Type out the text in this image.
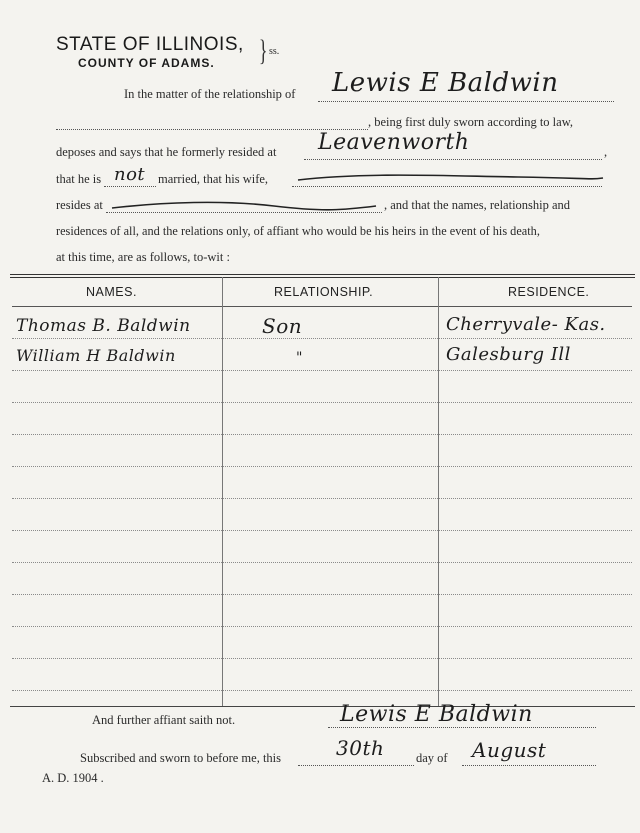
STATE OF ILLINOIS,
COUNTY OF ADAMS. } ss.
In the matter of the relationship of Lewis E Baldwin
, being first duly sworn according to law,
deposes and says that he formerly resided at Leavenworth	,
that he is not married, that his wife,
resides at	, and that the names, relationship and
residences of all, and the relations only, of affiant who would be his heirs in the event of his death,
at this time, are as follows, to-wit :
NAMES.	RELATIONSHIP.	RESIDENCE.
Thomas B. Baldwin	Son	Cherryvale- Kas.
William H Baldwin	"	Galesburg Ill
And further affiant saith not.	Lewis E Baldwin
Subscribed and sworn to before me, this	30th	day of August
A. D. 1904 .
